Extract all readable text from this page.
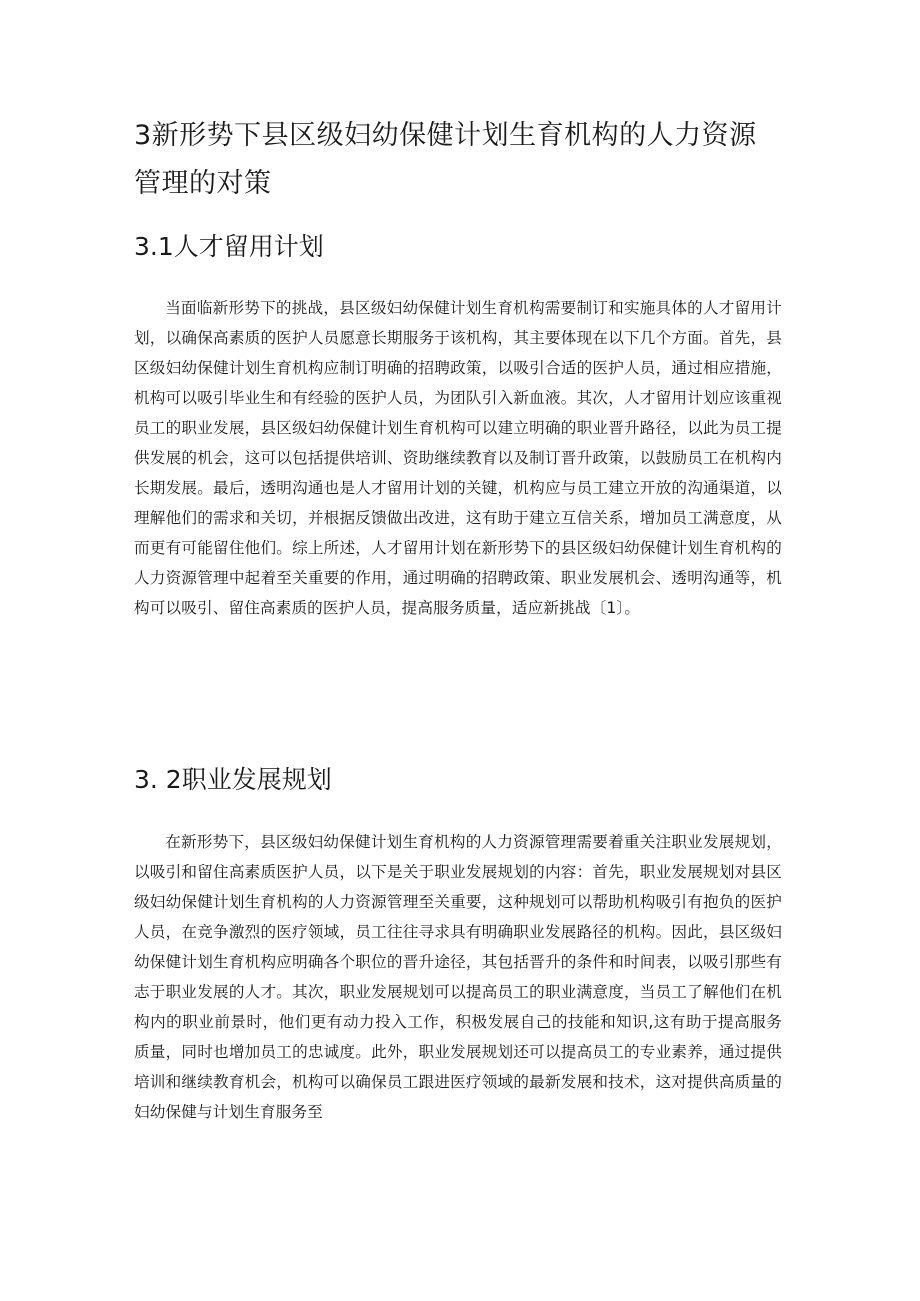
3新形势下县区级妇幼保健计划生育机构的人力资源管理的对策
3.1人才留用计划

当面临新形势下的挑战，县区级妇幼保健计划生育机构需要制订和实施具体的人才留用计划，以确保高素质的医护人员愿意长期服务于该机构，其主要体现在以下几个方面。首先，县区级妇幼保健计划生育机构应制订明确的招聘政策，以吸引合适的医护人员，通过相应措施，机构可以吸引毕业生和有经验的医护人员，为团队引入新血液。其次，人才留用计划应该重视员工的职业发展，县区级妇幼保健计划生育机构可以建立明确的职业晋升路径，以此为员工提供发展的机会，这可以包括提供培训、资助继续教育以及制订晋升政策，以鼓励员工在机构内长期发展。最后，透明沟通也是人才留用计划的关键，机构应与员工建立开放的沟通渠道，以理解他们的需求和关切，并根据反馈做出改进，这有助于建立互信关系，增加员工满意度，从而更有可能留住他们。综上所述，人才留用计划在新形势下的县区级妇幼保健计划生育机构的人力资源管理中起着至关重要的作用，通过明确的招聘政策、职业发展机会、透明沟通等，机构可以吸引、留住高素质的医护人员，提高服务质量，适应新挑战〔1〕。

3. 2职业发展规划

在新形势下，县区级妇幼保健计划生育机构的人力资源管理需要着重关注职业发展规划，以吸引和留住高素质医护人员，以下是关于职业发展规划的内容：首先，职业发展规划对县区级妇幼保健计划生育机构的人力资源管理至关重要，这种规划可以帮助机构吸引有抱负的医护人员，在竞争激烈的医疗领域，员工往往寻求具有明确职业发展路径的机构。因此，县区级妇幼保健计划生育机构应明确各个职位的晋升途径，其包括晋升的条件和时间表，以吸引那些有志于职业发展的人才。其次，职业发展规划可以提高员工的职业满意度，当员工了解他们在机构内的职业前景时，他们更有动力投入工作，积极发展自己的技能和知识,这有助于提高服务质量，同时也增加员工的忠诚度。此外，职业发展规划还可以提高员工的专业素养，通过提供培训和继续教育机会，机构可以确保员工跟进医疗领域的最新发展和技术，这对提供高质量的妇幼保健与计划生育服务至
